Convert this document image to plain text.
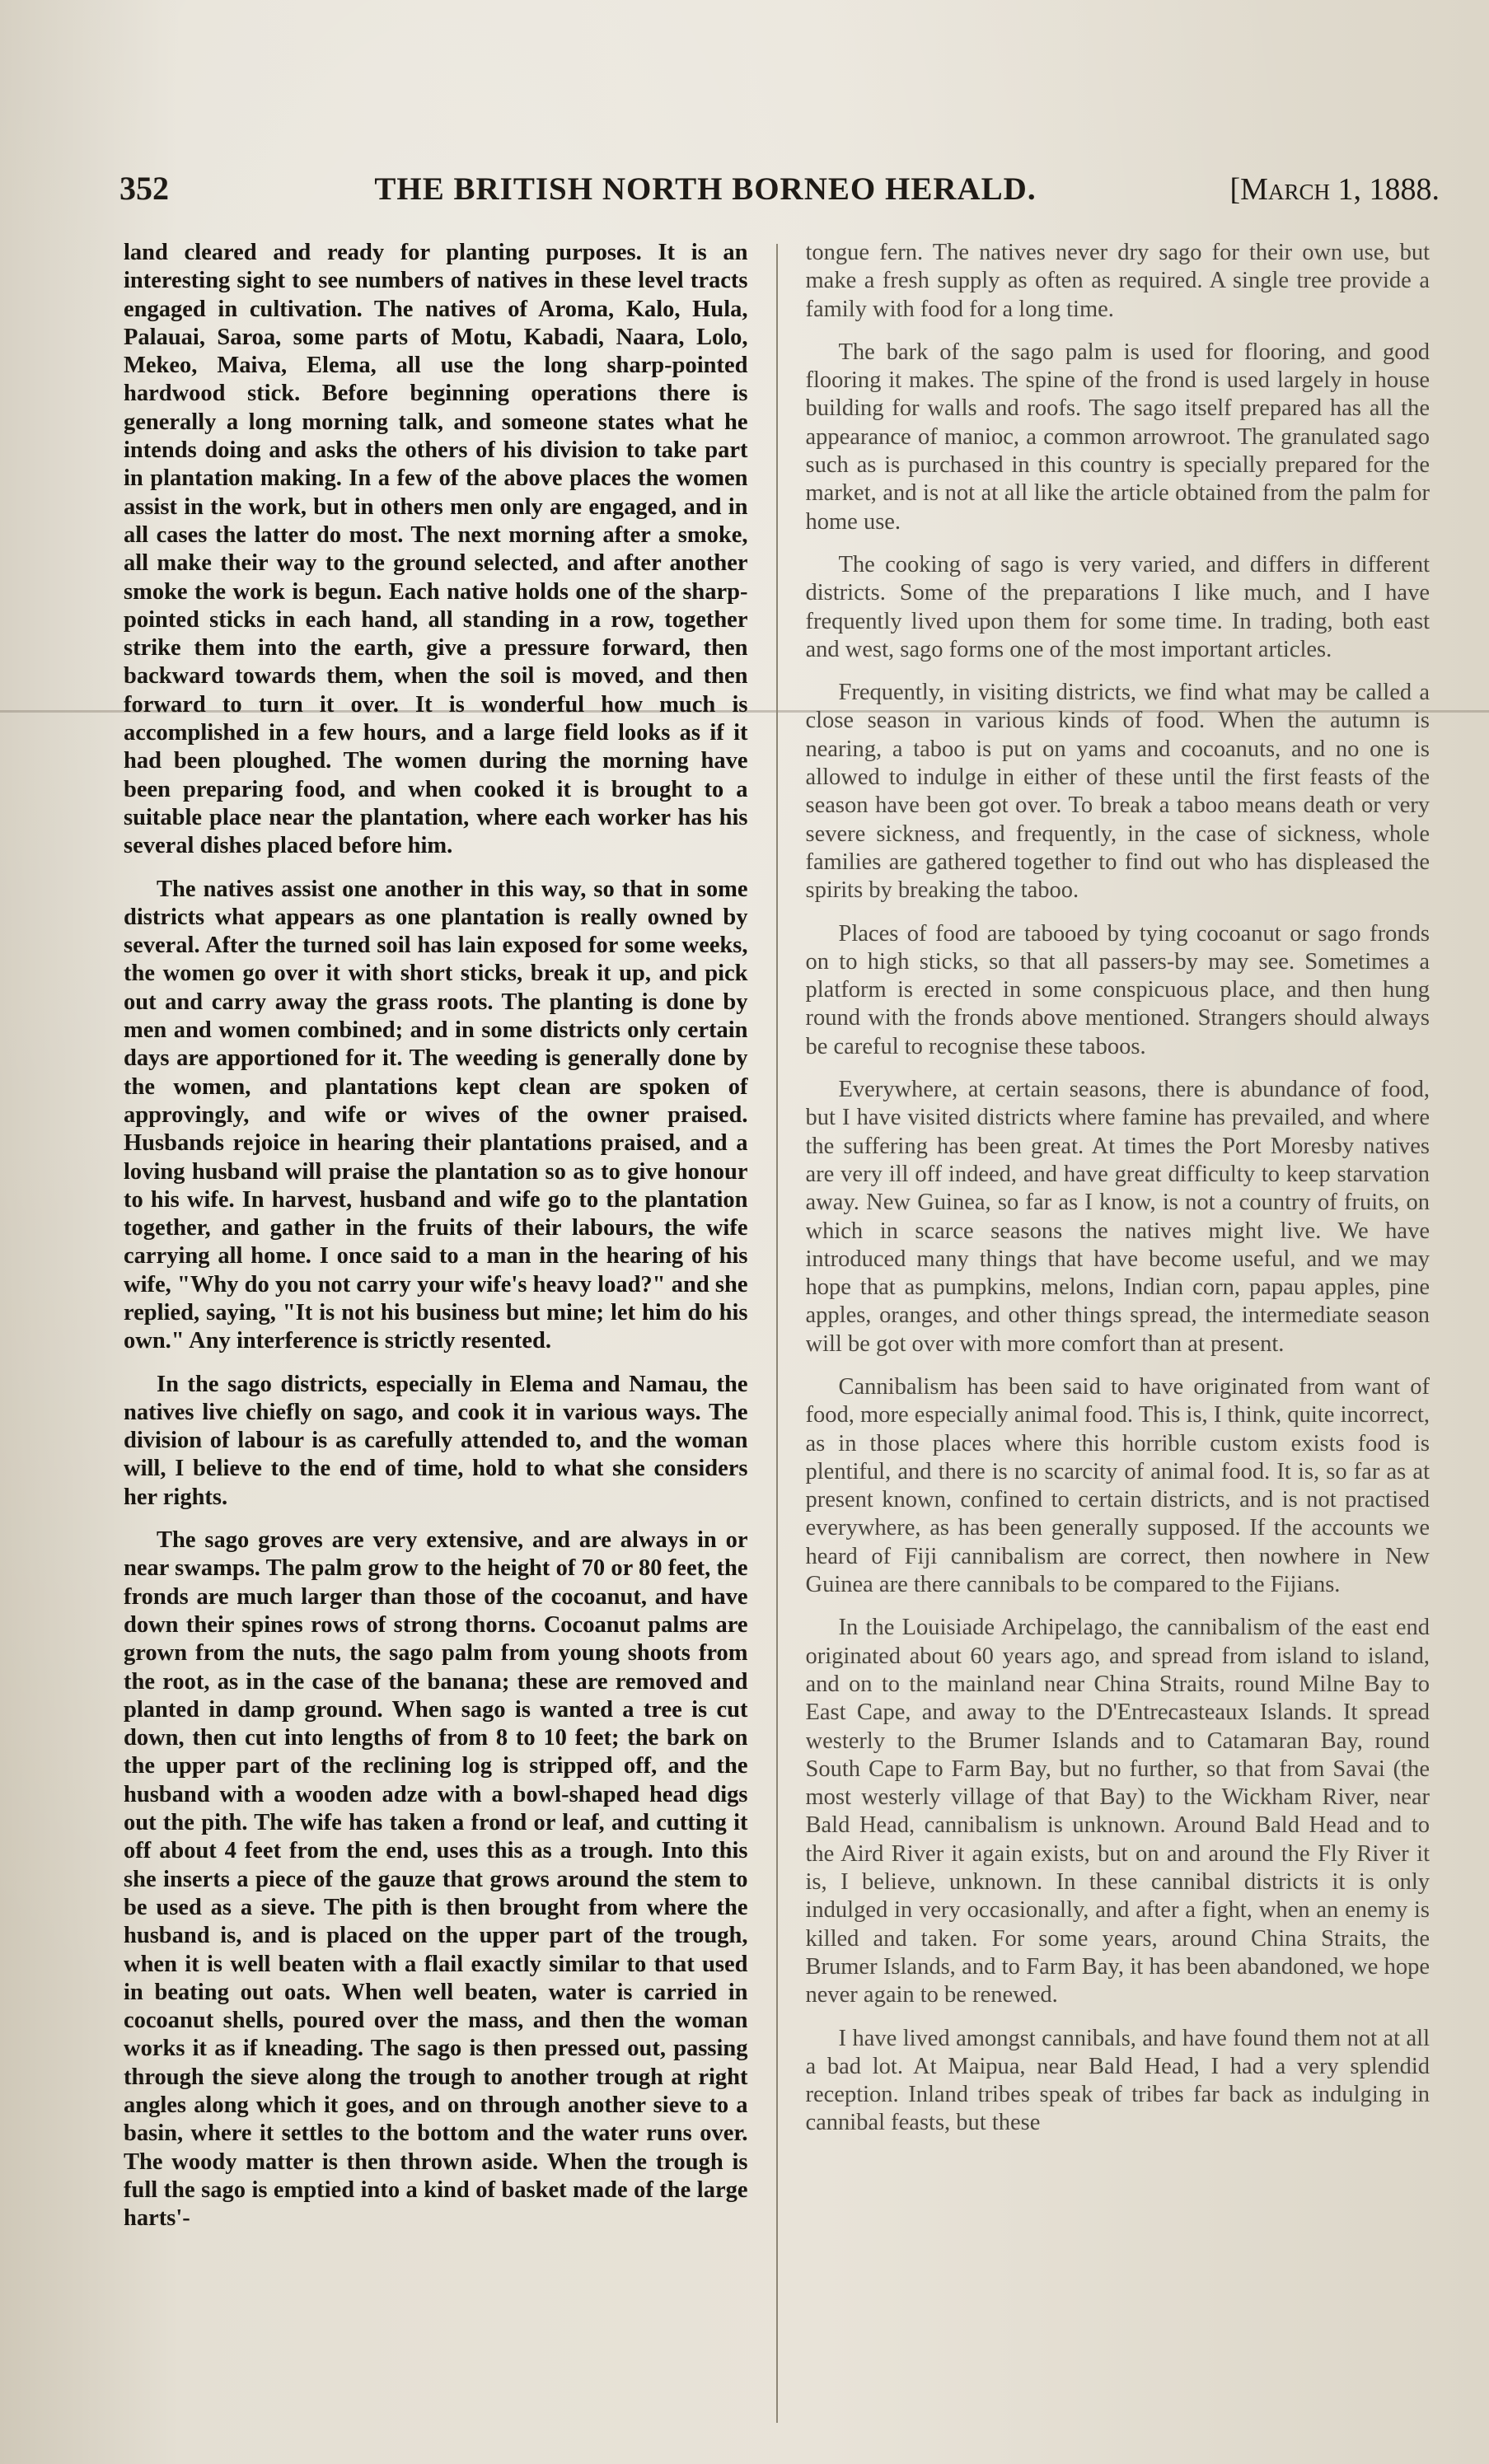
352	THE BRITISH NORTH BORNEO HERALD.	[March 1, 1888.

land cleared and ready for planting purposes. It is an interesting sight to see numbers of natives in these level tracts engaged in cultivation. The natives of Aroma, Kalo, Hula, Palauai, Saroa, some parts of Motu, Kabadi, Naara, Lolo, Mekeo, Maiva, Elema, all use the long sharp-pointed hardwood stick. Before beginning operations there is generally a long morning talk, and someone states what he intends doing and asks the others of his division to take part in plantation making. In a few of the above places the women assist in the work, but in others men only are engaged, and in all cases the latter do most. The next morning after a smoke, all make their way to the ground selected, and after another smoke the work is begun. Each native holds one of the sharp-pointed sticks in each hand, all standing in a row, together strike them into the earth, give a pressure forward, then backward towards them, when the soil is moved, and then forward to turn it over. It is wonderful how much is accomplished in a few hours, and a large field looks as if it had been ploughed. The women during the morning have been preparing food, and when cooked it is brought to a suitable place near the plantation, where each worker has his several dishes placed before him.

The natives assist one another in this way, so that in some districts what appears as one plantation is really owned by several. After the turned soil has lain exposed for some weeks, the women go over it with short sticks, break it up, and pick out and carry away the grass roots. The planting is done by men and women combined; and in some districts only certain days are apportioned for it. The weeding is generally done by the women, and plantations kept clean are spoken of approvingly, and wife or wives of the owner praised. Husbands rejoice in hearing their plantations praised, and a loving husband will praise the plantation so as to give honour to his wife. In harvest, husband and wife go to the plantation together, and gather in the fruits of their labours, the wife carrying all home. I once said to a man in the hearing of his wife, "Why do you not carry your wife's heavy load?" and she replied, saying, "It is not his business but mine; let him do his own." Any interference is strictly resented.

In the sago districts, especially in Elema and Namau, the natives live chiefly on sago, and cook it in various ways. The division of labour is as carefully attended to, and the woman will, I believe to the end of time, hold to what she considers her rights.

The sago groves are very extensive, and are always in or near swamps. The palm grow to the height of 70 or 80 feet, the fronds are much larger than those of the cocoanut, and have down their spines rows of strong thorns. Cocoanut palms are grown from the nuts, the sago palm from young shoots from the root, as in the case of the banana; these are removed and planted in damp ground. When sago is wanted a tree is cut down, then cut into lengths of from 8 to 10 feet; the bark on the upper part of the reclining log is stripped off, and the husband with a wooden adze with a bowl-shaped head digs out the pith. The wife has taken a frond or leaf, and cutting it off about 4 feet from the end, uses this as a trough. Into this she inserts a piece of the gauze that grows around the stem to be used as a sieve. The pith is then brought from where the husband is, and is placed on the upper part of the trough, when it is well beaten with a flail exactly similar to that used in beating out oats. When well beaten, water is carried in cocoanut shells, poured over the mass, and then the woman works it as if kneading. The sago is then pressed out, passing through the sieve along the trough to another trough at right angles along which it goes, and on through another sieve to a basin, where it settles to the bottom and the water runs over. The woody matter is then thrown aside. When the trough is full the sago is emptied into a kind of basket made of the large harts'-

tongue fern. The natives never dry sago for their own use, but make a fresh supply as often as required. A single tree provide a family with food for a long time.

The bark of the sago palm is used for flooring, and good flooring it makes. The spine of the frond is used largely in house building for walls and roofs. The sago itself prepared has all the appearance of manioc, a common arrowroot. The granulated sago such as is purchased in this country is specially prepared for the market, and is not at all like the article obtained from the palm for home use.

The cooking of sago is very varied, and differs in different districts. Some of the preparations I like much, and I have frequently lived upon them for some time. In trading, both east and west, sago forms one of the most important articles.

Frequently, in visiting districts, we find what may be called a close season in various kinds of food. When the autumn is nearing, a taboo is put on yams and cocoanuts, and no one is allowed to indulge in either of these until the first feasts of the season have been got over. To break a taboo means death or very severe sickness, and frequently, in the case of sickness, whole families are gathered together to find out who has displeased the spirits by breaking the taboo.

Places of food are tabooed by tying cocoanut or sago fronds on to high sticks, so that all passers-by may see. Sometimes a platform is erected in some conspicuous place, and then hung round with the fronds above mentioned. Strangers should always be careful to recognise these taboos.

Everywhere, at certain seasons, there is abundance of food, but I have visited districts where famine has prevailed, and where the suffering has been great. At times the Port Moresby natives are very ill off indeed, and have great difficulty to keep starvation away. New Guinea, so far as I know, is not a country of fruits, on which in scarce seasons the natives might live. We have introduced many things that have become useful, and we may hope that as pumpkins, melons, Indian corn, papau apples, pine apples, oranges, and other things spread, the intermediate season will be got over with more comfort than at present.

Cannibalism has been said to have originated from want of food, more especially animal food. This is, I think, quite incorrect, as in those places where this horrible custom exists food is plentiful, and there is no scarcity of animal food. It is, so far as at present known, confined to certain districts, and is not practised everywhere, as has been generally supposed. If the accounts we heard of Fiji cannibalism are correct, then nowhere in New Guinea are there cannibals to be compared to the Fijians.

In the Louisiade Archipelago, the cannibalism of the east end originated about 60 years ago, and spread from island to island, and on to the mainland near China Straits, round Milne Bay to East Cape, and away to the D'Entrecasteaux Islands. It spread westerly to the Brumer Islands and to Catamaran Bay, round South Cape to Farm Bay, but no further, so that from Savai (the most westerly village of that Bay) to the Wickham River, near Bald Head, cannibalism is unknown. Around Bald Head and to the Aird River it again exists, but on and around the Fly River it is, I believe, unknown. In these cannibal districts it is only indulged in very occasionally, and after a fight, when an enemy is killed and taken. For some years, around China Straits, the Brumer Islands, and to Farm Bay, it has been abandoned, we hope never again to be renewed.

I have lived amongst cannibals, and have found them not at all a bad lot. At Maipua, near Bald Head, I had a very splendid reception. Inland tribes speak of tribes far back as indulging in cannibal feasts, but these
